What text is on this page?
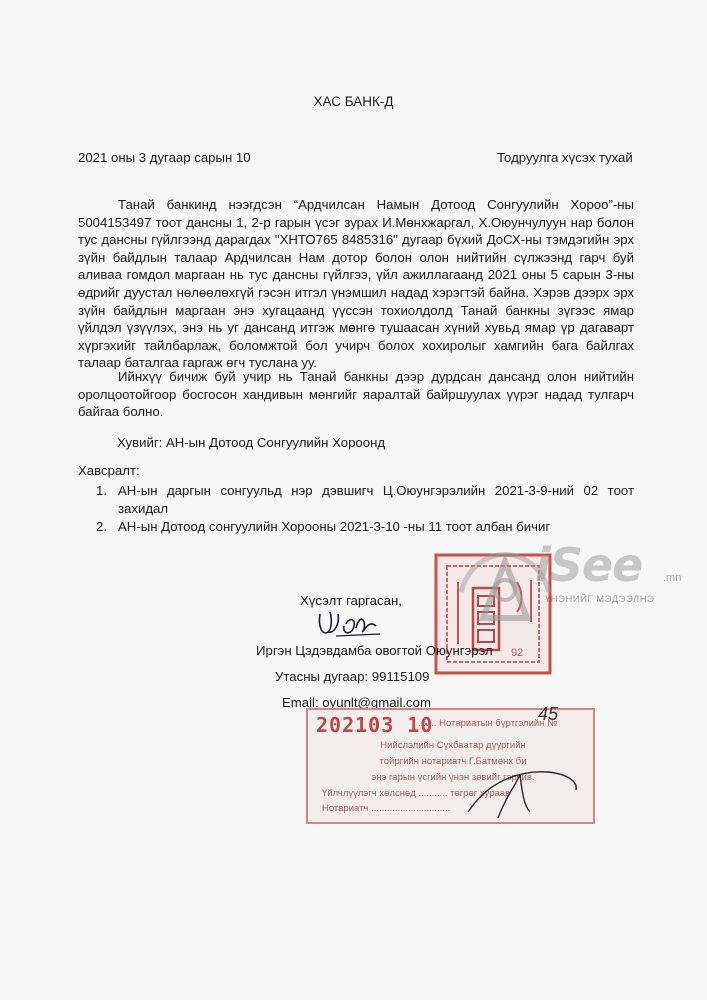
ХАС БАНК-Д
2021 оны 3 дугаар сарын 10	Тодруулга хүсэх тухай
Танай банкинд нээгдсэн “Ардчилсан Намын Дотоод Сонгуулийн Хороо”-ны 5004153497 тоот дансны 1, 2-р гарын үсэг зурах И.Мөнхжаргал, Х.Оюунчулуун нар болон тус дансны гүйлгээнд дарагдах "ХНТО765 8485316" дугаар бүхий ДоСХ-ны тэмдэгийн эрх зүйн байдлын талаар Ардчилсан Нам дотор болон олон нийтийн сүлжээнд гарч буй аливаа гомдол маргаан нь тус дансны гүйлгээ, үйл ажиллагаанд 2021 оны 5 сарын 3-ны өдрийг дуустал нөлөөлөхгүй гэсэн итгэл үнэмшил надад хэрэгтэй байна. Хэрэв дээрх эрх зүйн байдлын маргаан энэ хугацаанд үүссэн тохиолдолд Танай банкны зүгээс ямар үйлдэл үзүүлэх, энэ нь уг дансанд итгэж мөнгө тушаасан хүний хувьд ямар үр дагаварт хүргэхийг тайлбарлаж, боломжтой бол учирч болох хохиролыг хамгийн бага байлгах талаар баталгаа гаргаж өгч туслана уу.
Ийнхүү бичиж буй учир нь Танай банкны дээр дурдсан дансанд олон нийтийн оролцоотойгоор босгосон хандивын мөнгийг яаралтай байршуулах үүрэг надад тулгарч байгаа болно.
Хувийг: АН-ын Дотоод Сонгуулийн Хороонд
Хавсралт:
1. АН-ын даргын сонгуульд нэр дэвшигч Ц.Оюунгэрэлийн 2021-3-9-ний 02 тоот захидал
2. АН-ын Дотоод сонгуулийн Хорооны 2021-3-10 -ны 11 тоот албан бичиг
92
iSee .mn
ҮНЭНИЙГ МЭДЭЭЛНЭ
Хүсэлт гаргасан,
Иргэн Цэдэвдамба овогтой Оюунгэрэл
Утасны дугаар: 99115109
Email: oyunlt@gmail.com
202103 10
....... Нотариатын бүртгэлийн №
45
Нийслэлийн Сүхбаатар дүүргийн
тойргийн нотариатч Г.Батмөнх би
энэ гарын үсгийн үнэн зөвийг гэрчив.
Үйлчлүүлэгч хөлснөд ........... төгрөг хураав
Нотариатч ..............................
